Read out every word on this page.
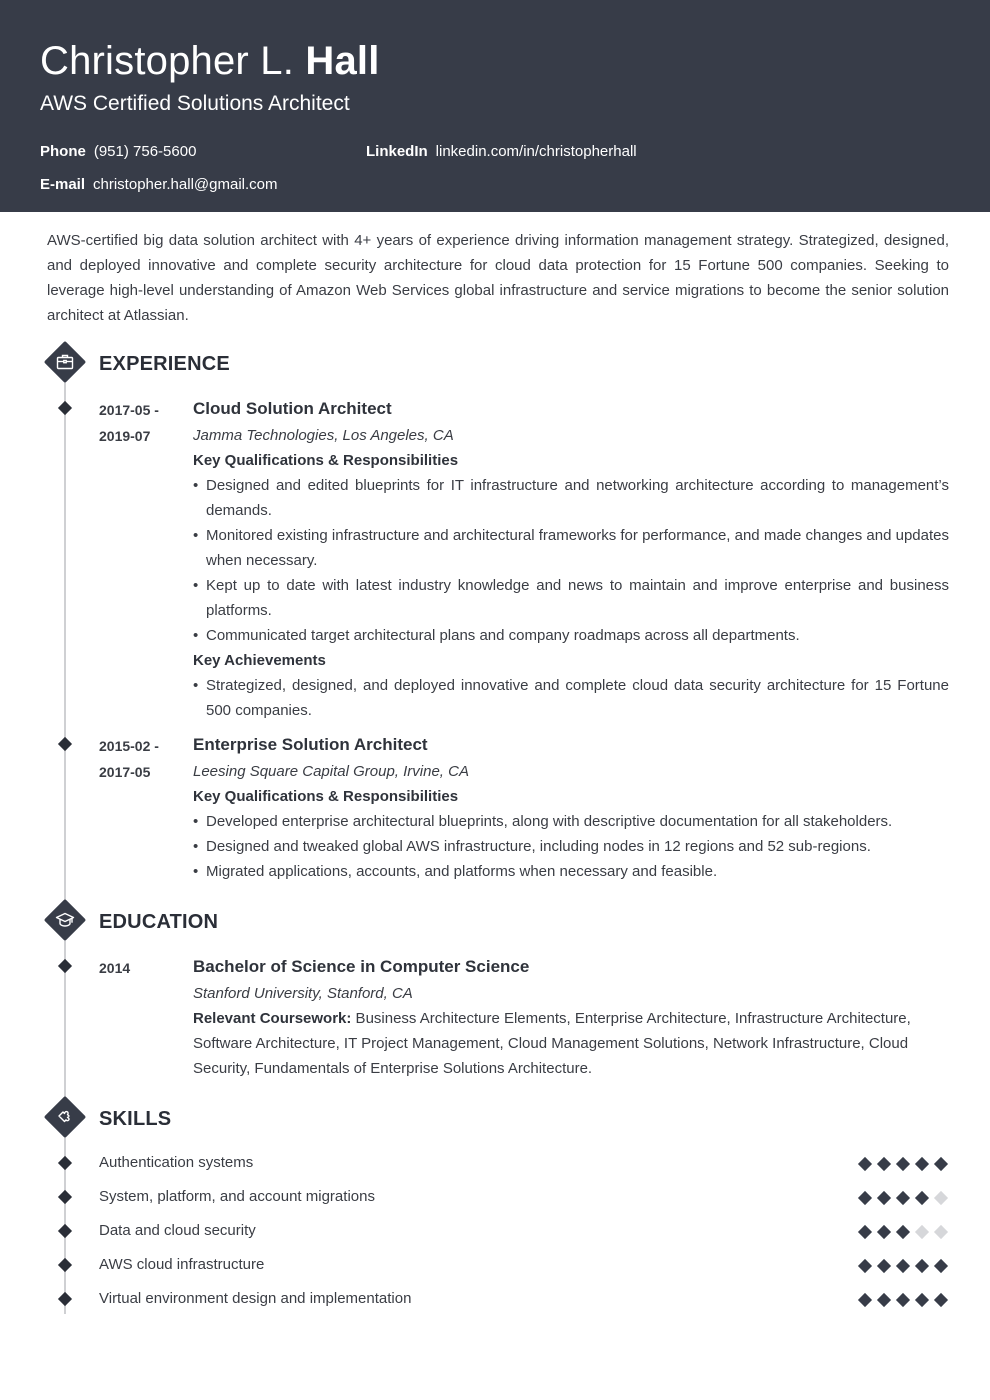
Christopher L. Hall
AWS Certified Solutions Architect
Phone (951) 756-5600	LinkedIn linkedin.com/in/christopherhall
E-mail christopher.hall@gmail.com

AWS-certified big data solution architect with 4+ years of experience driving information management strategy. Strategized, designed, and deployed innovative and complete security architecture for cloud data protection for 15 Fortune 500 companies. Seeking to leverage high-level understanding of Amazon Web Services global infrastructure and service migrations to become the senior solution architect at Atlassian.

EXPERIENCE
2017-05 -
2019-07
Cloud Solution Architect
Jamma Technologies, Los Angeles, CA
Key Qualifications & Responsibilities
• Designed and edited blueprints for IT infrastructure and networking architecture according to management’s demands.
• Monitored existing infrastructure and architectural frameworks for performance, and made changes and updates when necessary.
• Kept up to date with latest industry knowledge and news to maintain and improve enterprise and business platforms.
• Communicated target architectural plans and company roadmaps across all departments.
Key Achievements
• Strategized, designed, and deployed innovative and complete cloud data security architecture for 15 Fortune 500 companies.
2015-02 -
2017-05
Enterprise Solution Architect
Leesing Square Capital Group, Irvine, CA
Key Qualifications & Responsibilities
• Developed enterprise architectural blueprints, along with descriptive documentation for all stakeholders.
• Designed and tweaked global AWS infrastructure, including nodes in 12 regions and 52 sub-regions.
• Migrated applications, accounts, and platforms when necessary and feasible.
EDUCATION
2014	Bachelor of Science in Computer Science
Stanford University, Stanford, CA
Relevant Coursework: Business Architecture Elements, Enterprise Architecture, Infrastructure Architecture, Software Architecture, IT Project Management, Cloud Management Solutions, Network Infrastructure, Cloud Security, Fundamentals of Enterprise Solutions Architecture.
SKILLS
Authentication systems
System, platform, and account migrations
Data and cloud security
AWS cloud infrastructure
Virtual environment design and implementation
